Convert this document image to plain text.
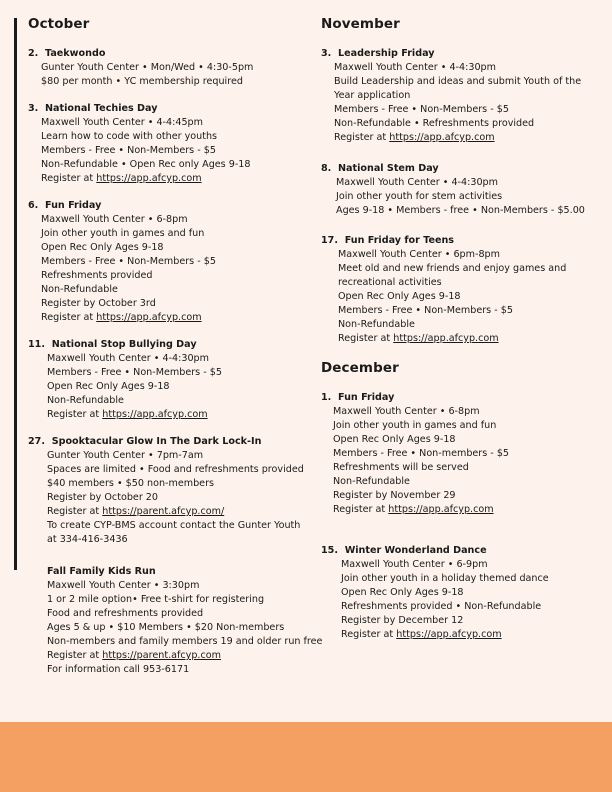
October
2. Taekwondo
Gunter Youth Center • Mon/Wed • 4:30-5pm
$80 per month • YC membership required
3. National Techies Day
Maxwell Youth Center • 4-4:45pm
Learn how to code with other youths
Members - Free • Non-Members - $5
Non-Refundable • Open Rec only Ages 9-18
Register at https://app.afcyp.com
6. Fun Friday
Maxwell Youth Center • 6-8pm
Join other youth in games and fun
Open Rec Only Ages 9-18
Members - Free • Non-Members - $5
Refreshments provided
Non-Refundable
Register by October 3rd
Register at https://app.afcyp.com
11. National Stop Bullying Day
Maxwell Youth Center • 4-4:30pm
Members - Free • Non-Members - $5
Open Rec Only Ages 9-18
Non-Refundable
Register at https://app.afcyp.com
27. Spooktacular Glow In The Dark Lock-In
Gunter Youth Center • 7pm-7am
Spaces are limited • Food and refreshments provided
$40 members • $50 non-members
Register by October 20
Register at https://parent.afcyp.com/
To create CYP-BMS account contact the Gunter Youth
at 334-416-3436
Fall Family Kids Run
Maxwell Youth Center • 3:30pm
1 or 2 mile option• Free t-shirt for registering
Food and refreshments provided
Ages 5 & up • $10 Members • $20 Non-members
Non-members and family members 19 and older run free
Register at https://parent.afcyp.com
For information call 953-6171
November
3. Leadership Friday
Maxwell Youth Center • 4-4:30pm
Build Leadership and ideas and submit Youth of the
Year application
Members - Free • Non-Members - $5
Non-Refundable • Refreshments provided
Register at https://app.afcyp.com
8. National Stem Day
Maxwell Youth Center • 4-4:30pm
Join other youth for stem activities
Ages 9-18 • Members - free • Non-Members - $5.00
17. Fun Friday for Teens
Maxwell Youth Center • 6pm-8pm
Meet old and new friends and enjoy games and
recreational activities
Open Rec Only Ages 9-18
Members - Free • Non-Members - $5
Non-Refundable
Register at https://app.afcyp.com
December
1. Fun Friday
Maxwell Youth Center • 6-8pm
Join other youth in games and fun
Open Rec Only Ages 9-18
Members - Free • Non-members - $5
Refreshments will be served
Non-Refundable
Register by November 29
Register at https://app.afcyp.com
15. Winter Wonderland Dance
Maxwell Youth Center • 6-9pm
Join other youth in a holiday themed dance
Open Rec Only Ages 9-18
Refreshments provided • Non-Refundable
Register by December 12
Register at https://app.afcyp.com
